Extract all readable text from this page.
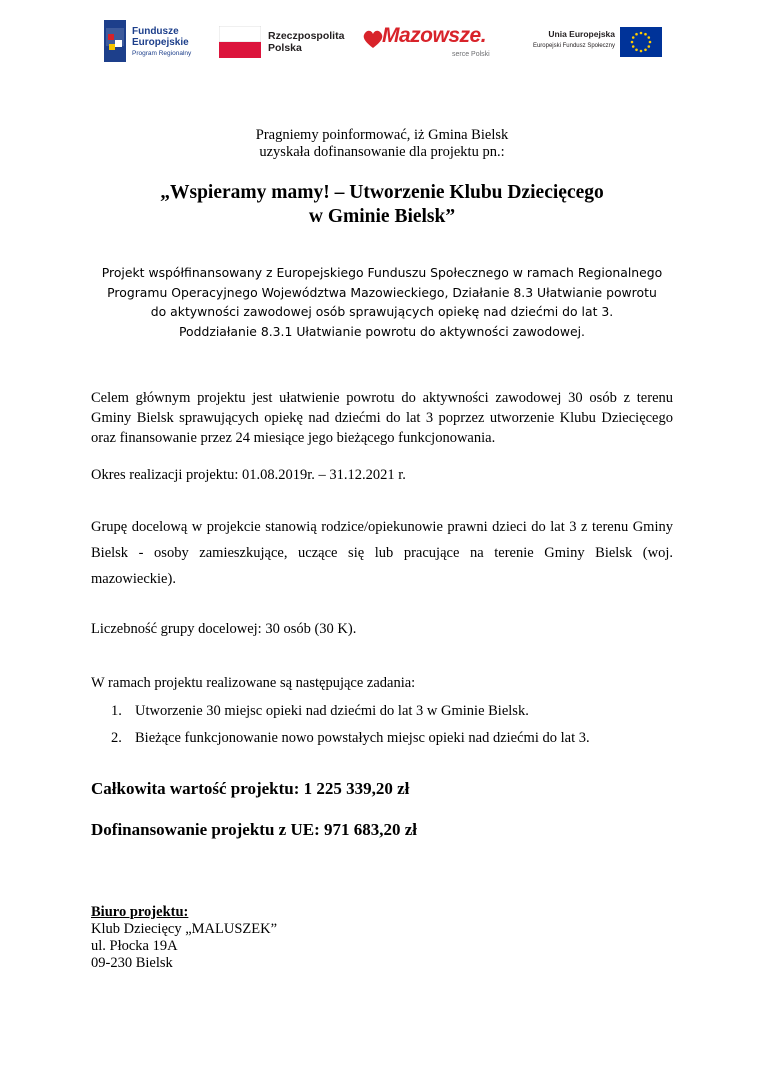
Fundusze
Europejskie
Program Regionalny
Rzeczpospolita
Polska
Mazowsze.
serce Polski
Unia Europejska
Europejski Fundusz Społeczny

Pragniemy poinformować, iż Gmina Bielsk

uzyskała dofinansowanie dla projektu pn.:

„Wspieramy mamy! – Utworzenie Klubu Dziecięcego

w Gminie Bielsk”

Projekt współfinansowany z Europejskiego Funduszu Społecznego w ramach Regionalnego

Programu Operacyjnego Województwa Mazowieckiego, Działanie 8.3 Ułatwianie powrotu

do aktywności zawodowej osób sprawujących opiekę nad dziećmi do lat 3.

Poddziałanie 8.3.1 Ułatwianie powrotu do aktywności zawodowej.

Celem głównym projektu jest ułatwienie powrotu do aktywności zawodowej 30 osób z terenu Gminy Bielsk sprawujących opiekę nad dziećmi do lat 3 poprzez utworzenie Klubu Dziecięcego oraz finansowanie przez 24 miesiące jego bieżącego funkcjonowania.

Okres realizacji projektu: 01.08.2019r. – 31.12.2021 r.

Grupę docelową w projekcie stanowią rodzice/opiekunowie prawni dzieci do lat 3 z terenu Gminy Bielsk - osoby zamieszkujące, uczące się lub pracujące na terenie Gminy Bielsk (woj. mazowieckie).

Liczebność grupy docelowej: 30 osób (30 K).

W ramach projektu realizowane są następujące zadania:

1. Utworzenie 30 miejsc opieki nad dziećmi do lat 3 w Gminie Bielsk.
2. Bieżące funkcjonowanie nowo powstałych miejsc opieki nad dziećmi do lat 3.

Całkowita wartość projektu: 1 225 339,20 zł

Dofinansowanie projektu z UE: 971 683,20 zł

Biuro projektu:

Klub Dziecięcy „MALUSZEK”

ul. Płocka 19A

09-230 Bielsk
